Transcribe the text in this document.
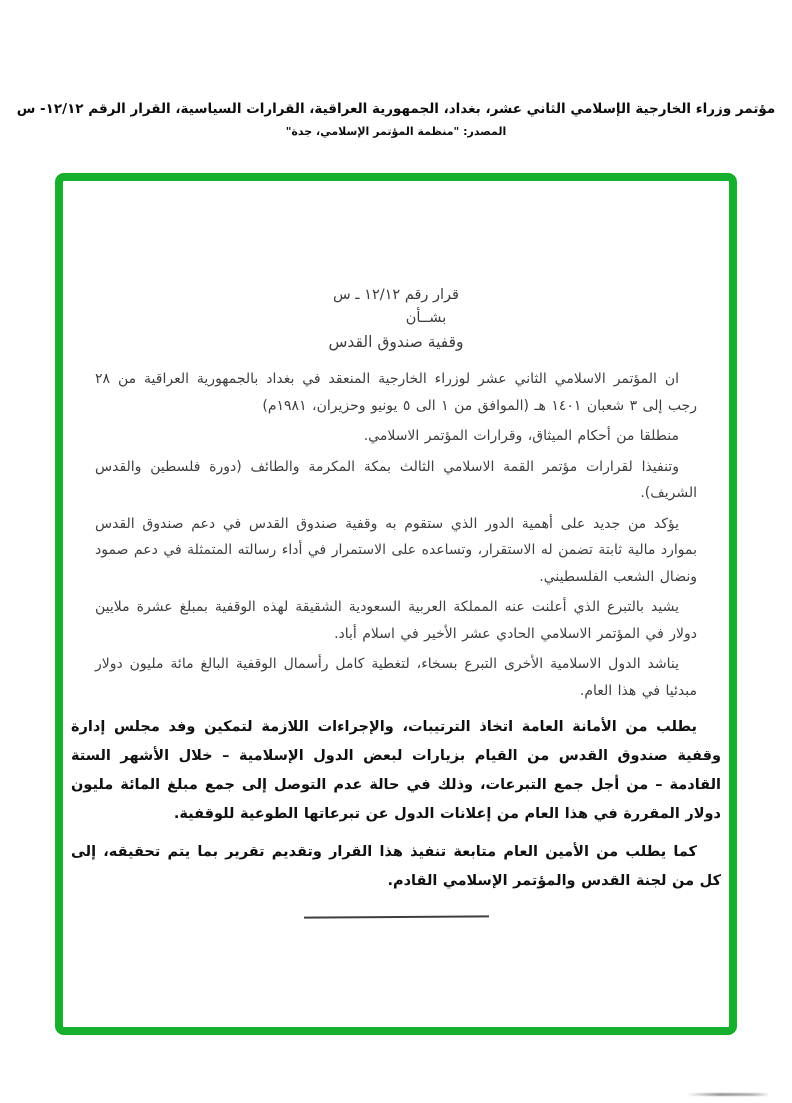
مؤتمر وزراء الخارجية الإسلامي الثاني عشر، بغداد، الجمهورية العراقية، القرارات السياسية، القرار الرقم ١٢/١٢- س
المصدر: "منظمة المؤتمر الإسلامي، جدة"
قرار رقم ١٢/١٢ ـ س
بشــأن
وقفية صندوق القدس

ان المؤتمر الاسلامي الثاني عشر لوزراء الخارجية المنعقد في بغداد بالجمهورية العراقية من ٢٨ رجب إلى ٣ شعبان ١٤٠١ هـ (الموافق من ١ الى ٥ يونيو وحزيران، ١٩٨١م)

منطلقا من أحكام الميثاق، وقرارات المؤتمر الاسلامي.

وتنفيذا لقرارات مؤتمر القمة الاسلامي الثالث بمكة المكرمة والطائف (دورة فلسطين والقدس الشريف).

يؤكد من جديد على أهمية الدور الذي ستقوم به وقفية صندوق القدس في دعم صندوق القدس بموارد مالية ثابتة تضمن له الاستقرار، وتساعده على الاستمرار في أداء رسالته المتمثلة في دعم صمود ونضال الشعب الفلسطيني.

يشيد بالتبرع الذي أعلنت عنه المملكة العربية السعودية الشقيقة لهذه الوقفية بمبلغ عشرة ملايين دولار في المؤتمر الاسلامي الحادي عشر الأخير في اسلام أباد.

يناشد الدول الاسلامية الأخرى التبرع بسخاء، لتغطية كامل رأسمال الوقفية البالغ مائة مليون دولار مبدئيا في هذا العام.

يطلب من الأمانة العامة اتخاذ الترتيبات، والإجراءات اللازمة لتمكين وفد مجلس إدارة وقفية صندوق القدس من القيام بزيارات لبعض الدول الإسلامية – خلال الأشهر الستة القادمة – من أجل جمع التبرعات، وذلك في حالة عدم التوصل إلى جمع مبلغ المائة مليون دولار المقررة في هذا العام من إعلانات الدول عن تبرعاتها الطوعية للوقفية.

كما يطلب من الأمين العام متابعة تنفيذ هذا القرار وتقديم تقرير بما يتم تحقيقه، إلى كل من لجنة القدس والمؤتمر الإسلامي القادم.
